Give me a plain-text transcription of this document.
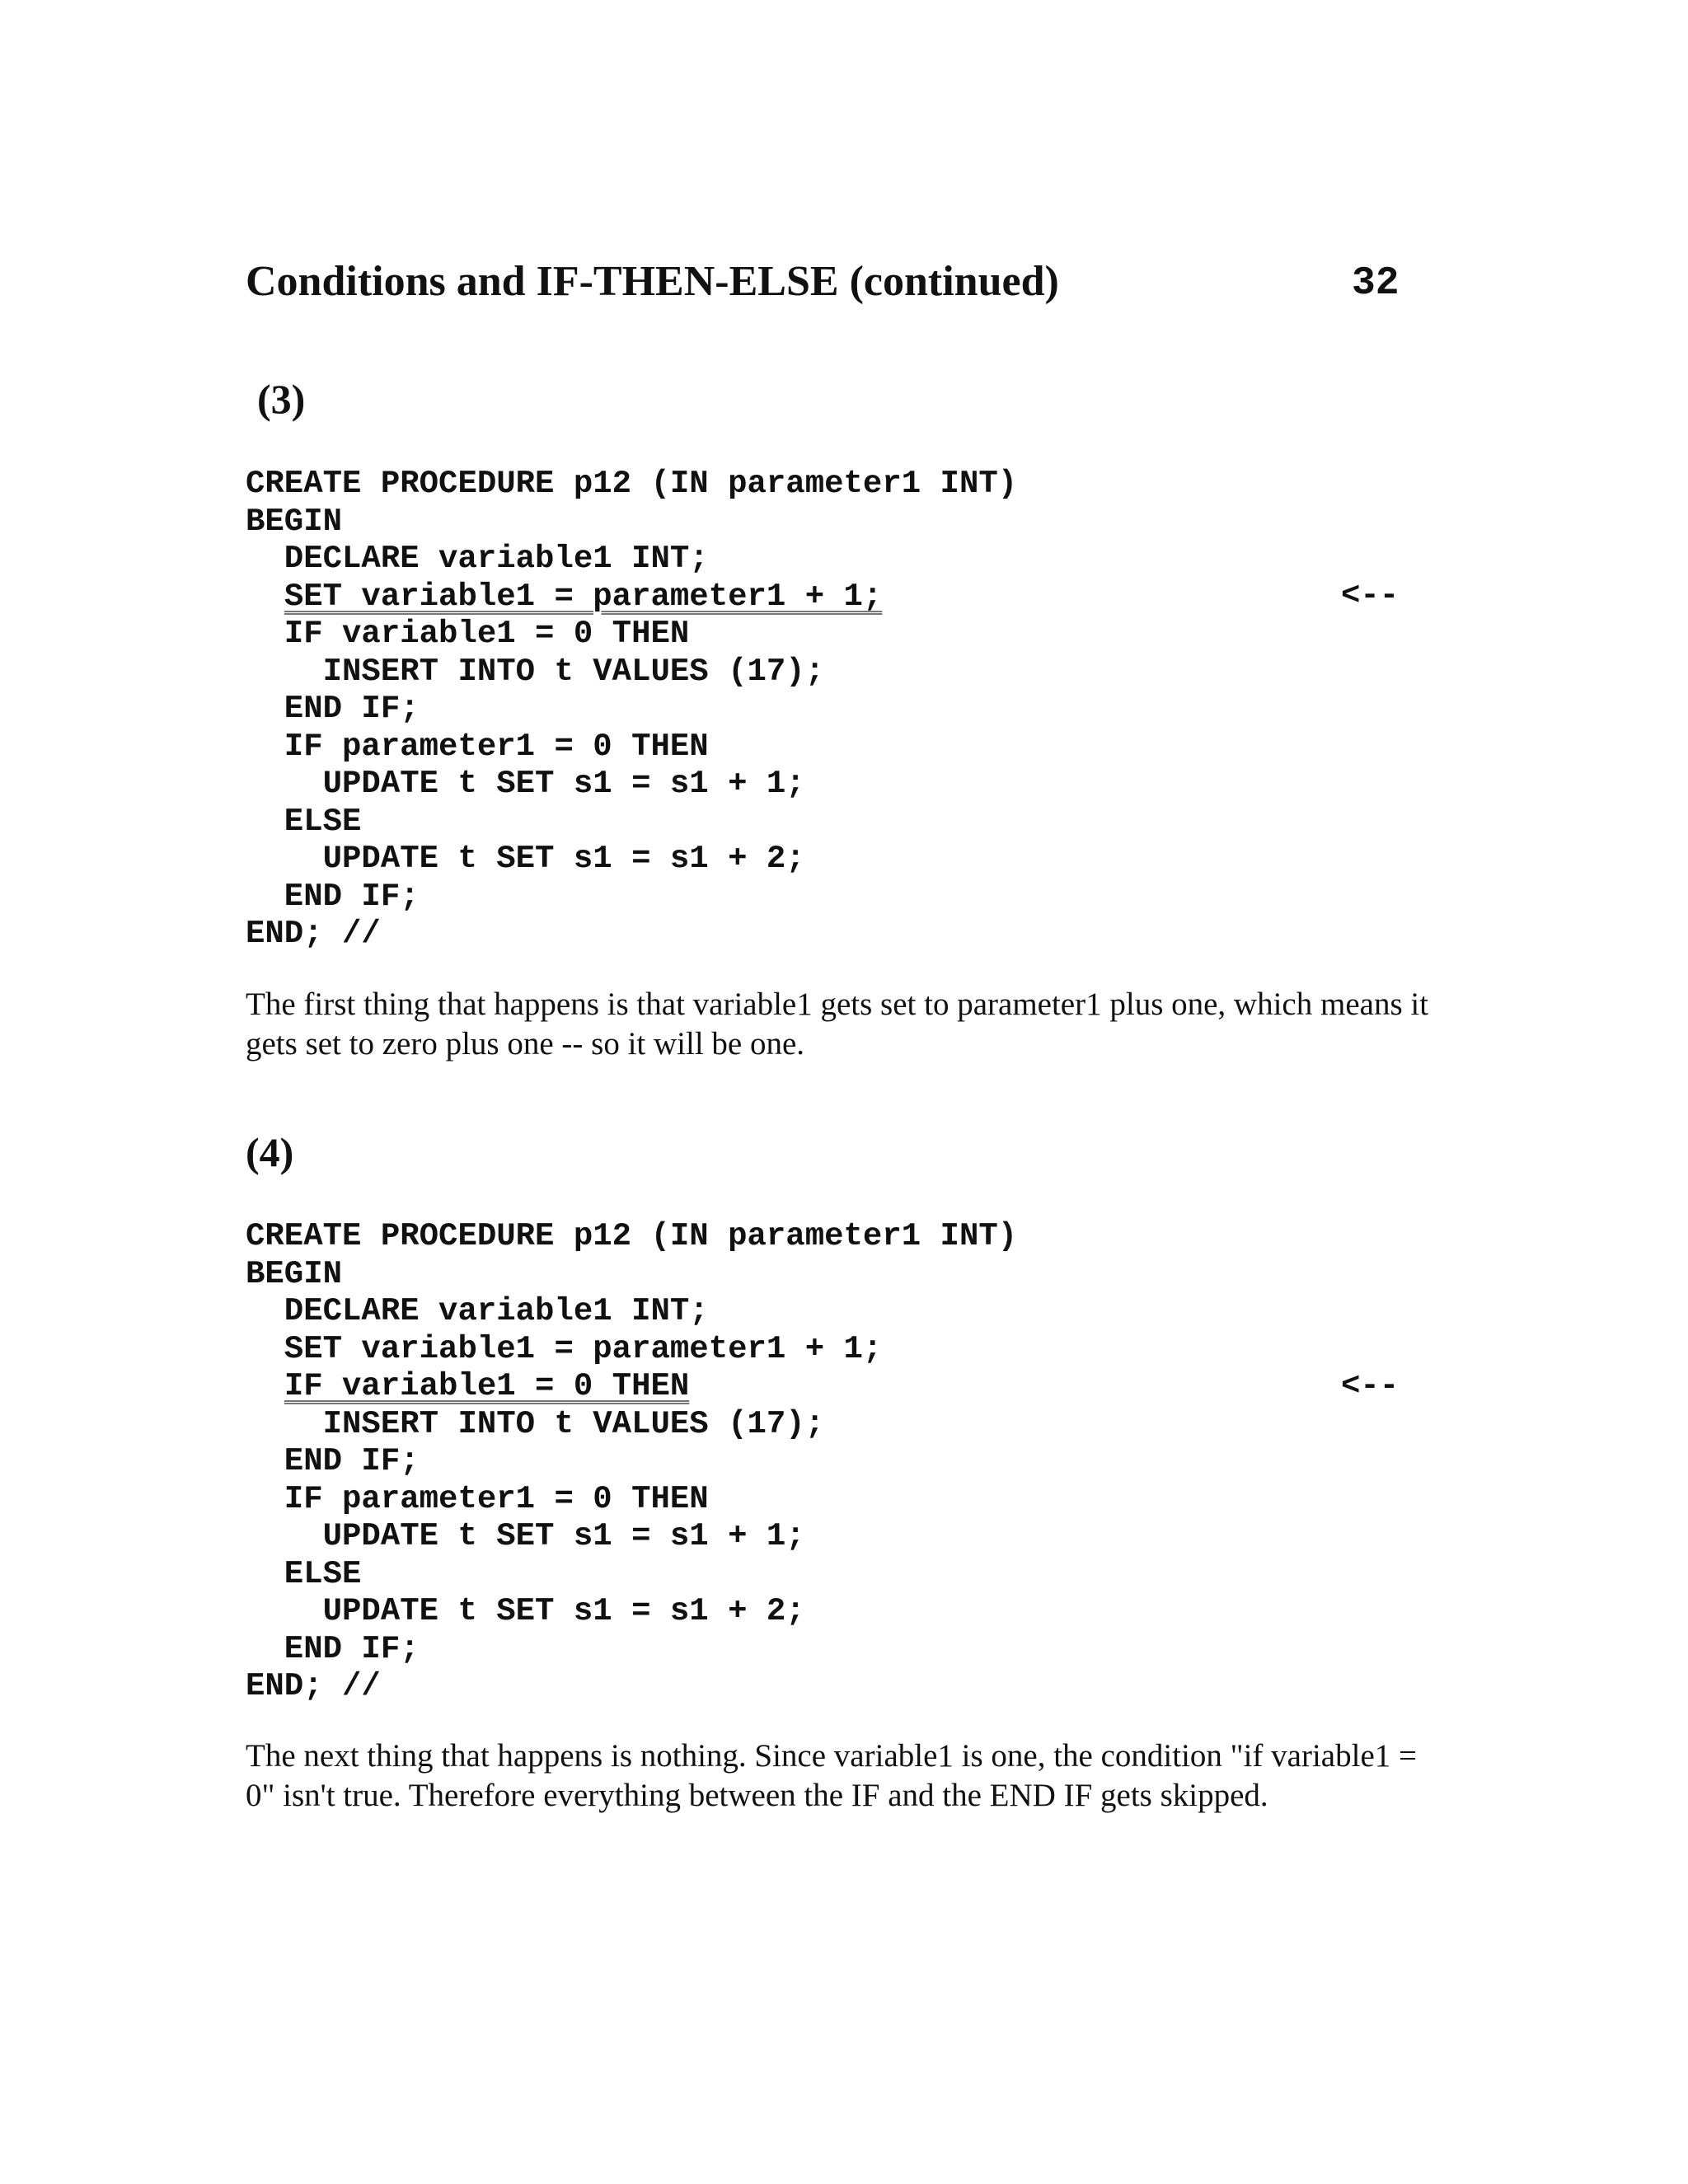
Conditions and IF-THEN-ELSE (continued)	32
(3)
CREATE PROCEDURE p12 (IN parameter1 INT)
BEGIN
DECLARE variable1 INT;
SET variable1 = parameter1 + 1;
IF variable1 = 0 THEN
INSERT INTO t VALUES (17);
END IF;
IF parameter1 = 0 THEN
UPDATE t SET s1 = s1 + 1;
ELSE
UPDATE t SET s1 = s1 + 2;
END IF;
END; //
<--

The first thing that happens is that variable1 gets set to parameter1 plus one, which means it gets set to zero plus one -- so it will be one.

(4)
CREATE PROCEDURE p12 (IN parameter1 INT)
BEGIN
DECLARE variable1 INT;
SET variable1 = parameter1 + 1;
IF variable1 = 0 THEN
INSERT INTO t VALUES (17);
END IF;
IF parameter1 = 0 THEN
UPDATE t SET s1 = s1 + 1;
ELSE
UPDATE t SET s1 = s1 + 2;
END IF;
END; //
<--

The next thing that happens is nothing. Since variable1 is one, the condition "if variable1 = 0" isn't true. Therefore everything between the IF and the END IF gets skipped.
